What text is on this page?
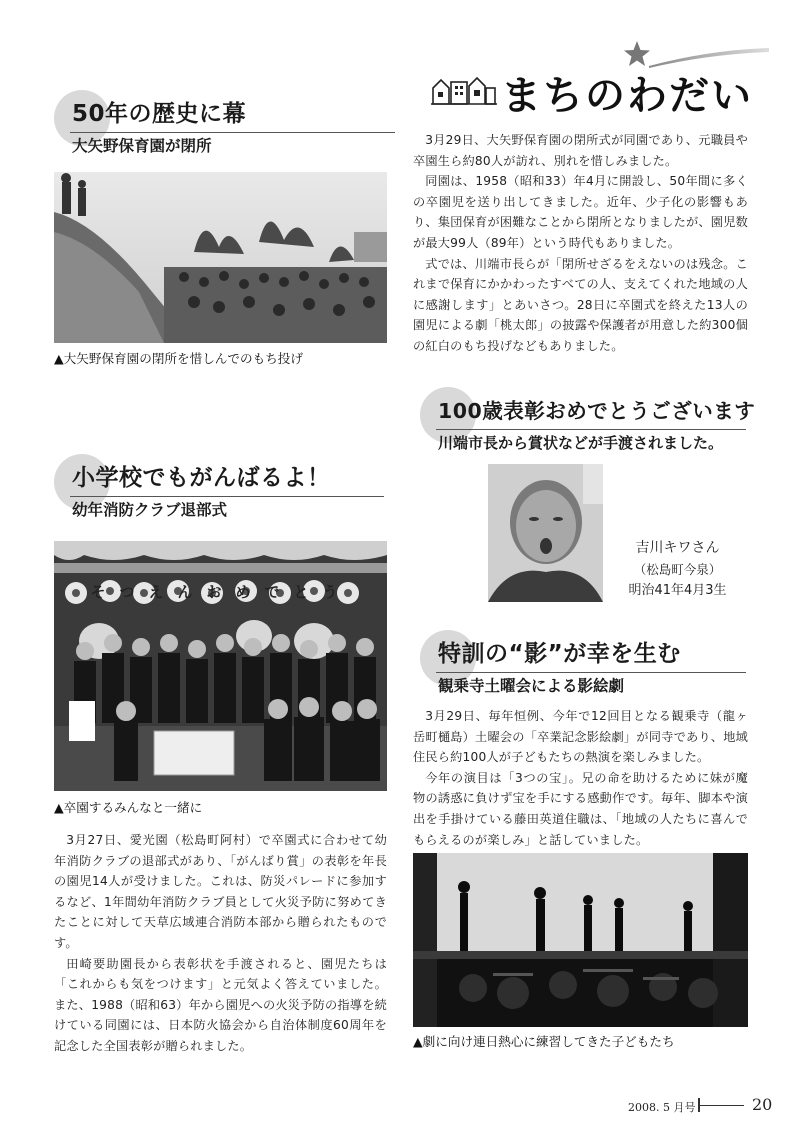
まちのわだい
50年の歴史に幕
大矢野保育園が閉所
▲大矢野保育園の閉所を惜しんでのもち投げ

3月29日、大矢野保育園の閉所式が同園であり、元職員や卒園生ら約80人が訪れ、別れを惜しみました。

同園は、1958（昭和33）年4月に開設し、50年間に多くの卒園児を送り出してきました。近年、少子化の影響もあり、集団保育が困難なことから閉所となりましたが、園児数が最大99人（89年）という時代もありました。

式では、川端市長らが「閉所せざるをえないのは残念。これまで保育にかかわったすべての人、支えてくれた地域の人に感謝します」とあいさつ。28日に卒園式を終えた13人の園児による劇「桃太郎」の披露や保護者が用意した約300個の紅白のもち投げなどもありました。

100歳表彰おめでとうございます
川端市長から賞状などが手渡されました。
吉川キワさん
（松島町今泉）
明治41年4月3生
小学校でもがんばるよ！
幼年消防クラブ退部式
そつえんおめでとう
▲卒園するみんなと一緒に

3月27日、愛光園（松島町阿村）で卒園式に合わせて幼年消防クラブの退部式があり、「がんばり賞」の表彰を年長の園児14人が受けました。これは、防災パレードに参加するなど、1年間幼年消防クラブ員として火災予防に努めてきたことに対して天草広域連合消防本部から贈られたものです。

田崎要助園長から表彰状を手渡されると、園児たちは「これからも気をつけます」と元気よく答えていました。また、1988（昭和63）年から園児への火災予防の指導を続けている同園には、日本防火協会から自治体制度60周年を記念した全国表彰が贈られました。

特訓の“影”が幸を生む
観乗寺土曜会による影絵劇

3月29日、毎年恒例、今年で12回目となる観乗寺（龍ヶ岳町樋島）土曜会の「卒業記念影絵劇」が同寺であり、地域住民ら約100人が子どもたちの熱演を楽しみました。

今年の演目は「3つの宝」。兄の命を助けるために妹が魔物の誘惑に負けず宝を手にする感動作です。毎年、脚本や演出を手掛けている藤田英道住職は、「地域の人たちに喜んでもらえるのが楽しみ」と話していました。

▲劇に向け連日熱心に練習してきた子どもたち
2008. 5 月号	20
